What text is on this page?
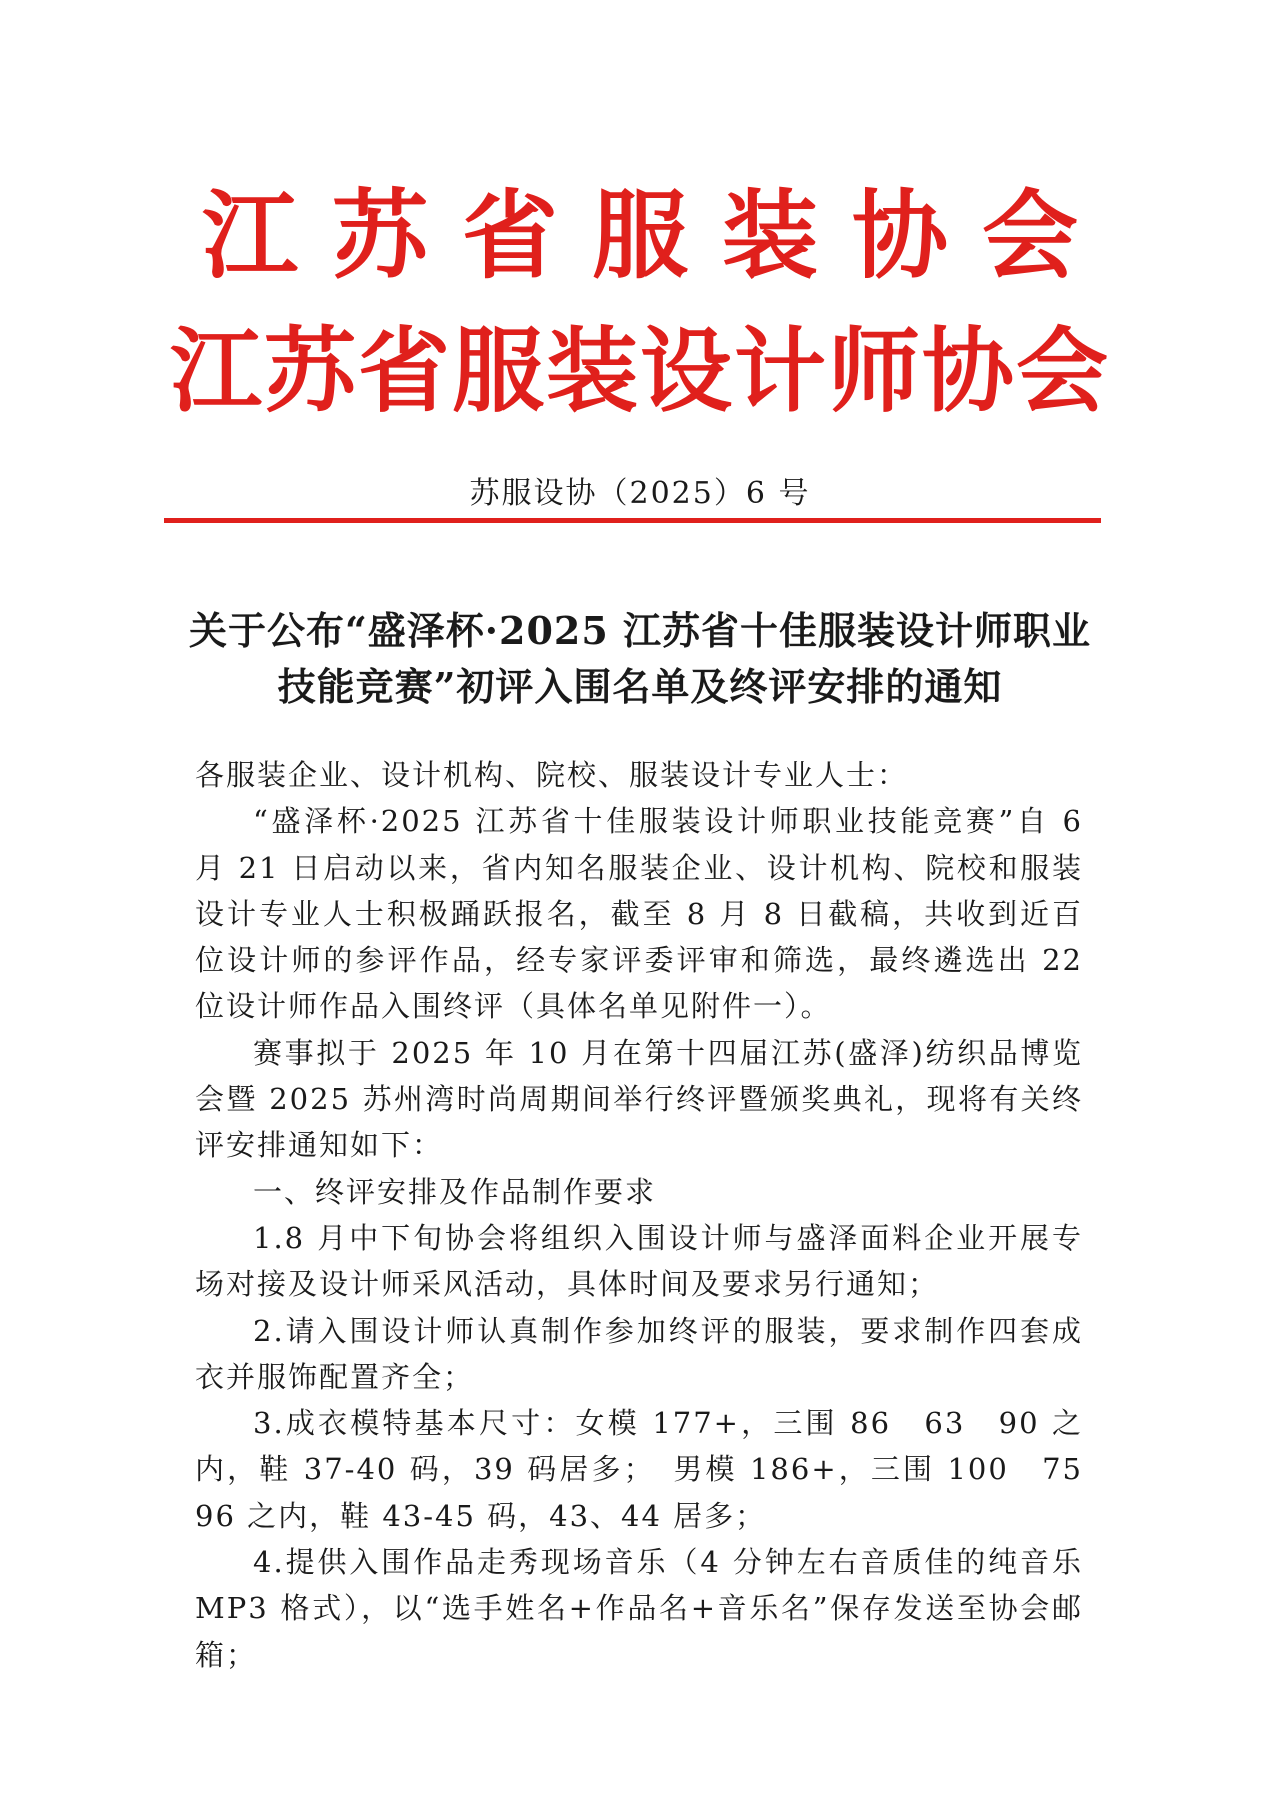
江苏省服装协会
江苏省服装设计师协会
苏服设协（2025）6 号
关于公布“盛泽杯·2025 江苏省十佳服装设计师职业
技能竞赛”初评入围名单及终评安排的通知

各服装企业、设计机构、院校、服装设计专业人士：

“盛泽杯·2025 江苏省十佳服装设计师职业技能竞赛”自 6 月 21 日启动以来，省内知名服装企业、设计机构、院校和服装设计专业人士积极踊跃报名，截至 8 月 8 日截稿，共收到近百位设计师的参评作品，经专家评委评审和筛选，最终遴选出 22 位设计师作品入围终评（具体名单见附件一）。

赛事拟于 2025 年 10 月在第十四届江苏(盛泽)纺织品博览会暨 2025 苏州湾时尚周期间举行终评暨颁奖典礼，现将有关终评安排通知如下：

一、终评安排及作品制作要求

1.8 月中下旬协会将组织入围设计师与盛泽面料企业开展专场对接及设计师采风活动，具体时间及要求另行通知；

2.请入围设计师认真制作参加终评的服装，要求制作四套成衣并服饰配置齐全；

3.成衣模特基本尺寸：女模 177+，三围 86　63　90 之内，鞋 37-40 码，39 码居多；　男模 186+，三围 100　75　96 之内，鞋 43-45 码，43、44 居多；

4.提供入围作品走秀现场音乐（4 分钟左右音质佳的纯音乐 MP3 格式），以“选手姓名+作品名+音乐名”保存发送至协会邮箱；
